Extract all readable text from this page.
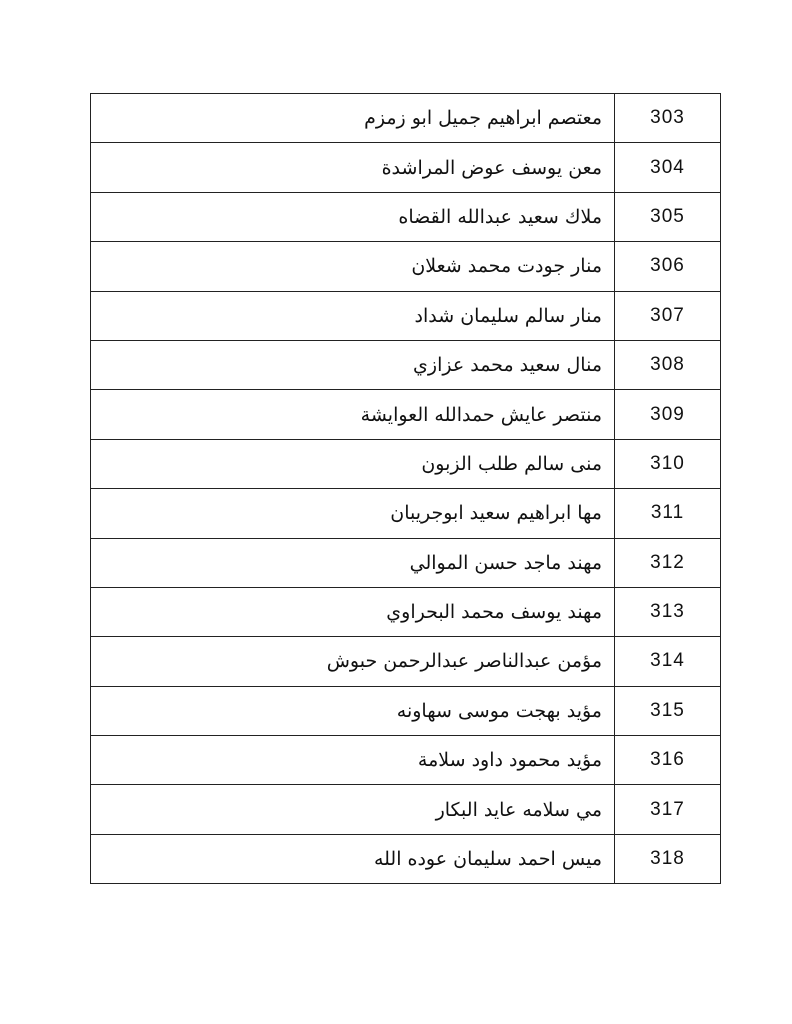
303	معتصم ابراهيم جميل ابو زمزم
304	معن يوسف عوض المراشدة
305	ملاك سعيد عبدالله القضاه
306	منار جودت محمد شعلان
307	منار سالم سليمان شداد
308	منال سعيد محمد عزازي
309	منتصر عايش حمدالله العوايشة
310	منى سالم طلب الزبون
311	مها ابراهيم سعيد ابوجريبان
312	مهند ماجد حسن الموالي
313	مهند يوسف محمد البحراوي
314	مؤمن عبدالناصر عبدالرحمن حبوش
315	مؤيد بهجت موسى سهاونه
316	مؤيد محمود داود سلامة
317	مي سلامه عايد البكار
318	ميس احمد سليمان عوده الله
